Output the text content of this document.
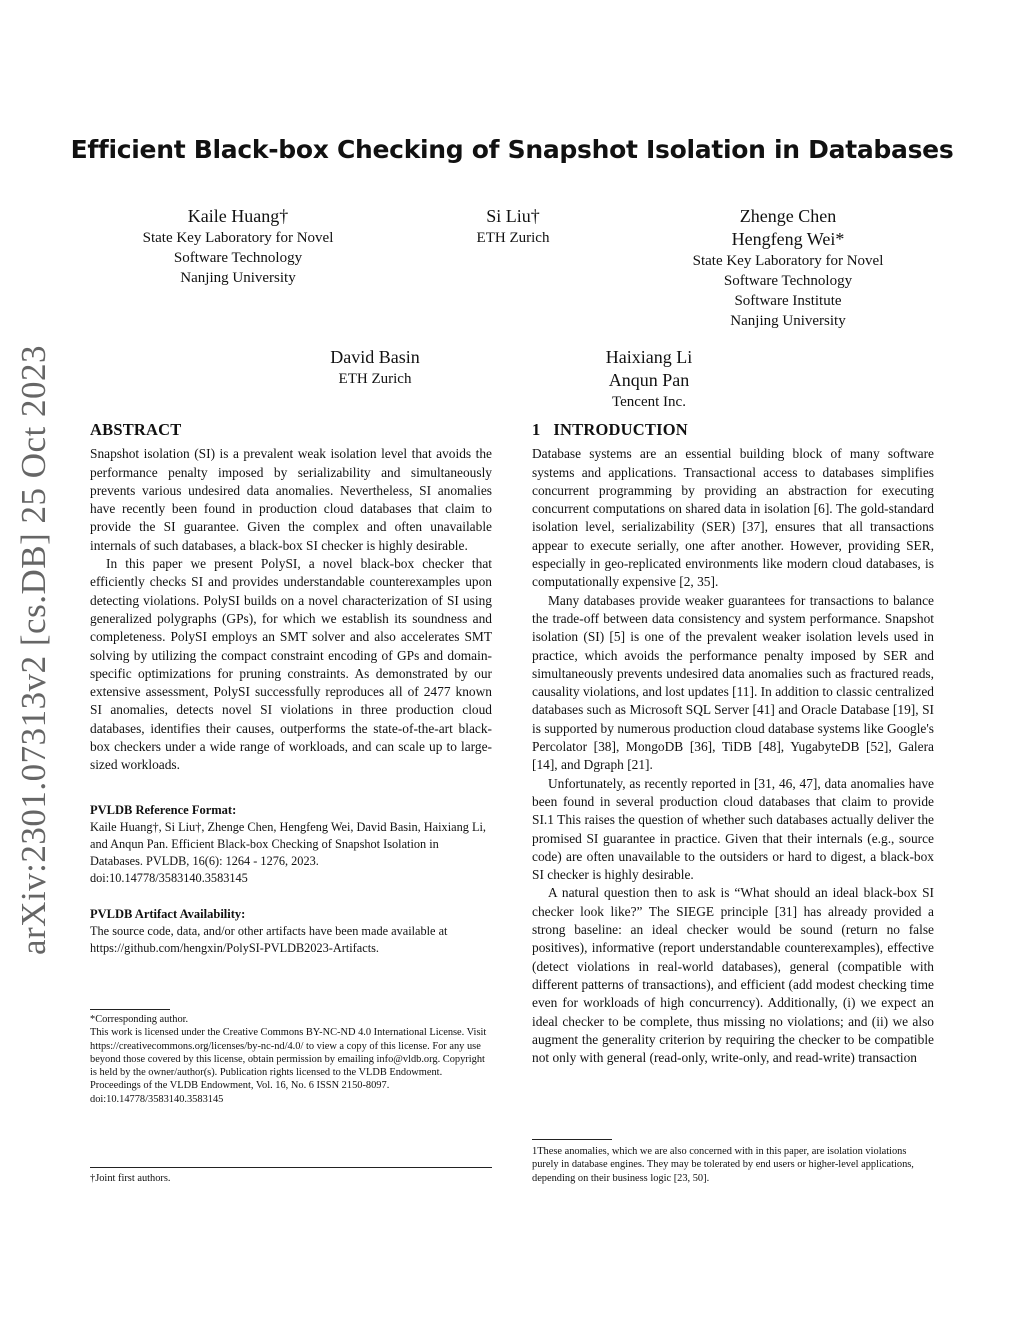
arXiv:2301.07313v2 [cs.DB] 25 Oct 2023
Efficient Black-box Checking of Snapshot Isolation in Databases
Kaile Huang†
State Key Laboratory for Novel
Software Technology
Nanjing University
Si Liu†
ETH Zurich
Zhenge Chen
Hengfeng Wei*
State Key Laboratory for Novel
Software Technology
Software Institute
Nanjing University
David Basin
ETH Zurich
Haixiang Li
Anqun Pan
Tencent Inc.
ABSTRACT

Snapshot isolation (SI) is a prevalent weak isolation level that avoids the performance penalty imposed by serializability and simultaneously prevents various undesired data anomalies. Nevertheless, SI anomalies have recently been found in production cloud databases that claim to provide the SI guarantee. Given the complex and often unavailable internals of such databases, a black-box SI checker is highly desirable.

In this paper we present PolySI, a novel black-box checker that efficiently checks SI and provides understandable counterexamples upon detecting violations. PolySI builds on a novel characterization of SI using generalized polygraphs (GPs), for which we establish its soundness and completeness. PolySI employs an SMT solver and also accelerates SMT solving by utilizing the compact constraint encoding of GPs and domain-specific optimizations for pruning constraints. As demonstrated by our extensive assessment, PolySI successfully reproduces all of 2477 known SI anomalies, detects novel SI violations in three production cloud databases, identifies their causes, outperforms the state-of-the-art black-box checkers under a wide range of workloads, and can scale up to large-sized workloads.

PVLDB Reference Format:
Kaile Huang†, Si Liu†, Zhenge Chen, Hengfeng Wei, David Basin, Haixiang Li, and Anqun Pan. Efficient Black-box Checking of Snapshot Isolation in Databases. PVLDB, 16(6): 1264 - 1276, 2023.
doi:10.14778/3583140.3583145
PVLDB Artifact Availability:
The source code, data, and/or other artifacts have been made available at https://github.com/hengxin/PolySI-PVLDB2023-Artifacts.
*Corresponding author.
This work is licensed under the Creative Commons BY-NC-ND 4.0 International License. Visit https://creativecommons.org/licenses/by-nc-nd/4.0/ to view a copy of this license. For any use beyond those covered by this license, obtain permission by emailing info@vldb.org. Copyright is held by the owner/author(s). Publication rights licensed to the VLDB Endowment.
Proceedings of the VLDB Endowment, Vol. 16, No. 6 ISSN 2150-8097.
doi:10.14778/3583140.3583145
†Joint first authors.
1   INTRODUCTION

Database systems are an essential building block of many software systems and applications. Transactional access to databases simplifies concurrent programming by providing an abstraction for executing concurrent computations on shared data in isolation [6]. The gold-standard isolation level, serializability (SER) [37], ensures that all transactions appear to execute serially, one after another. However, providing SER, especially in geo-replicated environments like modern cloud databases, is computationally expensive [2, 35].

Many databases provide weaker guarantees for transactions to balance the trade-off between data consistency and system performance. Snapshot isolation (SI) [5] is one of the prevalent weaker isolation levels used in practice, which avoids the performance penalty imposed by SER and simultaneously prevents undesired data anomalies such as fractured reads, causality violations, and lost updates [11]. In addition to classic centralized databases such as Microsoft SQL Server [41] and Oracle Database [19], SI is supported by numerous production cloud database systems like Google's Percolator [38], MongoDB [36], TiDB [48], YugabyteDB [52], Galera [14], and Dgraph [21].

Unfortunately, as recently reported in [31, 46, 47], data anomalies have been found in several production cloud databases that claim to provide SI.1 This raises the question of whether such databases actually deliver the promised SI guarantee in practice. Given that their internals (e.g., source code) are often unavailable to the outsiders or hard to digest, a black-box SI checker is highly desirable.

A natural question then to ask is “What should an ideal black-box SI checker look like?” The SIEGE principle [31] has already provided a strong baseline: an ideal checker would be sound (return no false positives), informative (report understandable counterexamples), effective (detect violations in real-world databases), general (compatible with different patterns of transactions), and efficient (add modest checking time even for workloads of high concurrency). Additionally, (i) we expect an ideal checker to be complete, thus missing no violations; and (ii) we also augment the generality criterion by requiring the checker to be compatible not only with general (read-only, write-only, and read-write) transaction

1These anomalies, which we are also concerned with in this paper, are isolation violations purely in database engines. They may be tolerated by end users or higher-level applications, depending on their business logic [23, 50].
